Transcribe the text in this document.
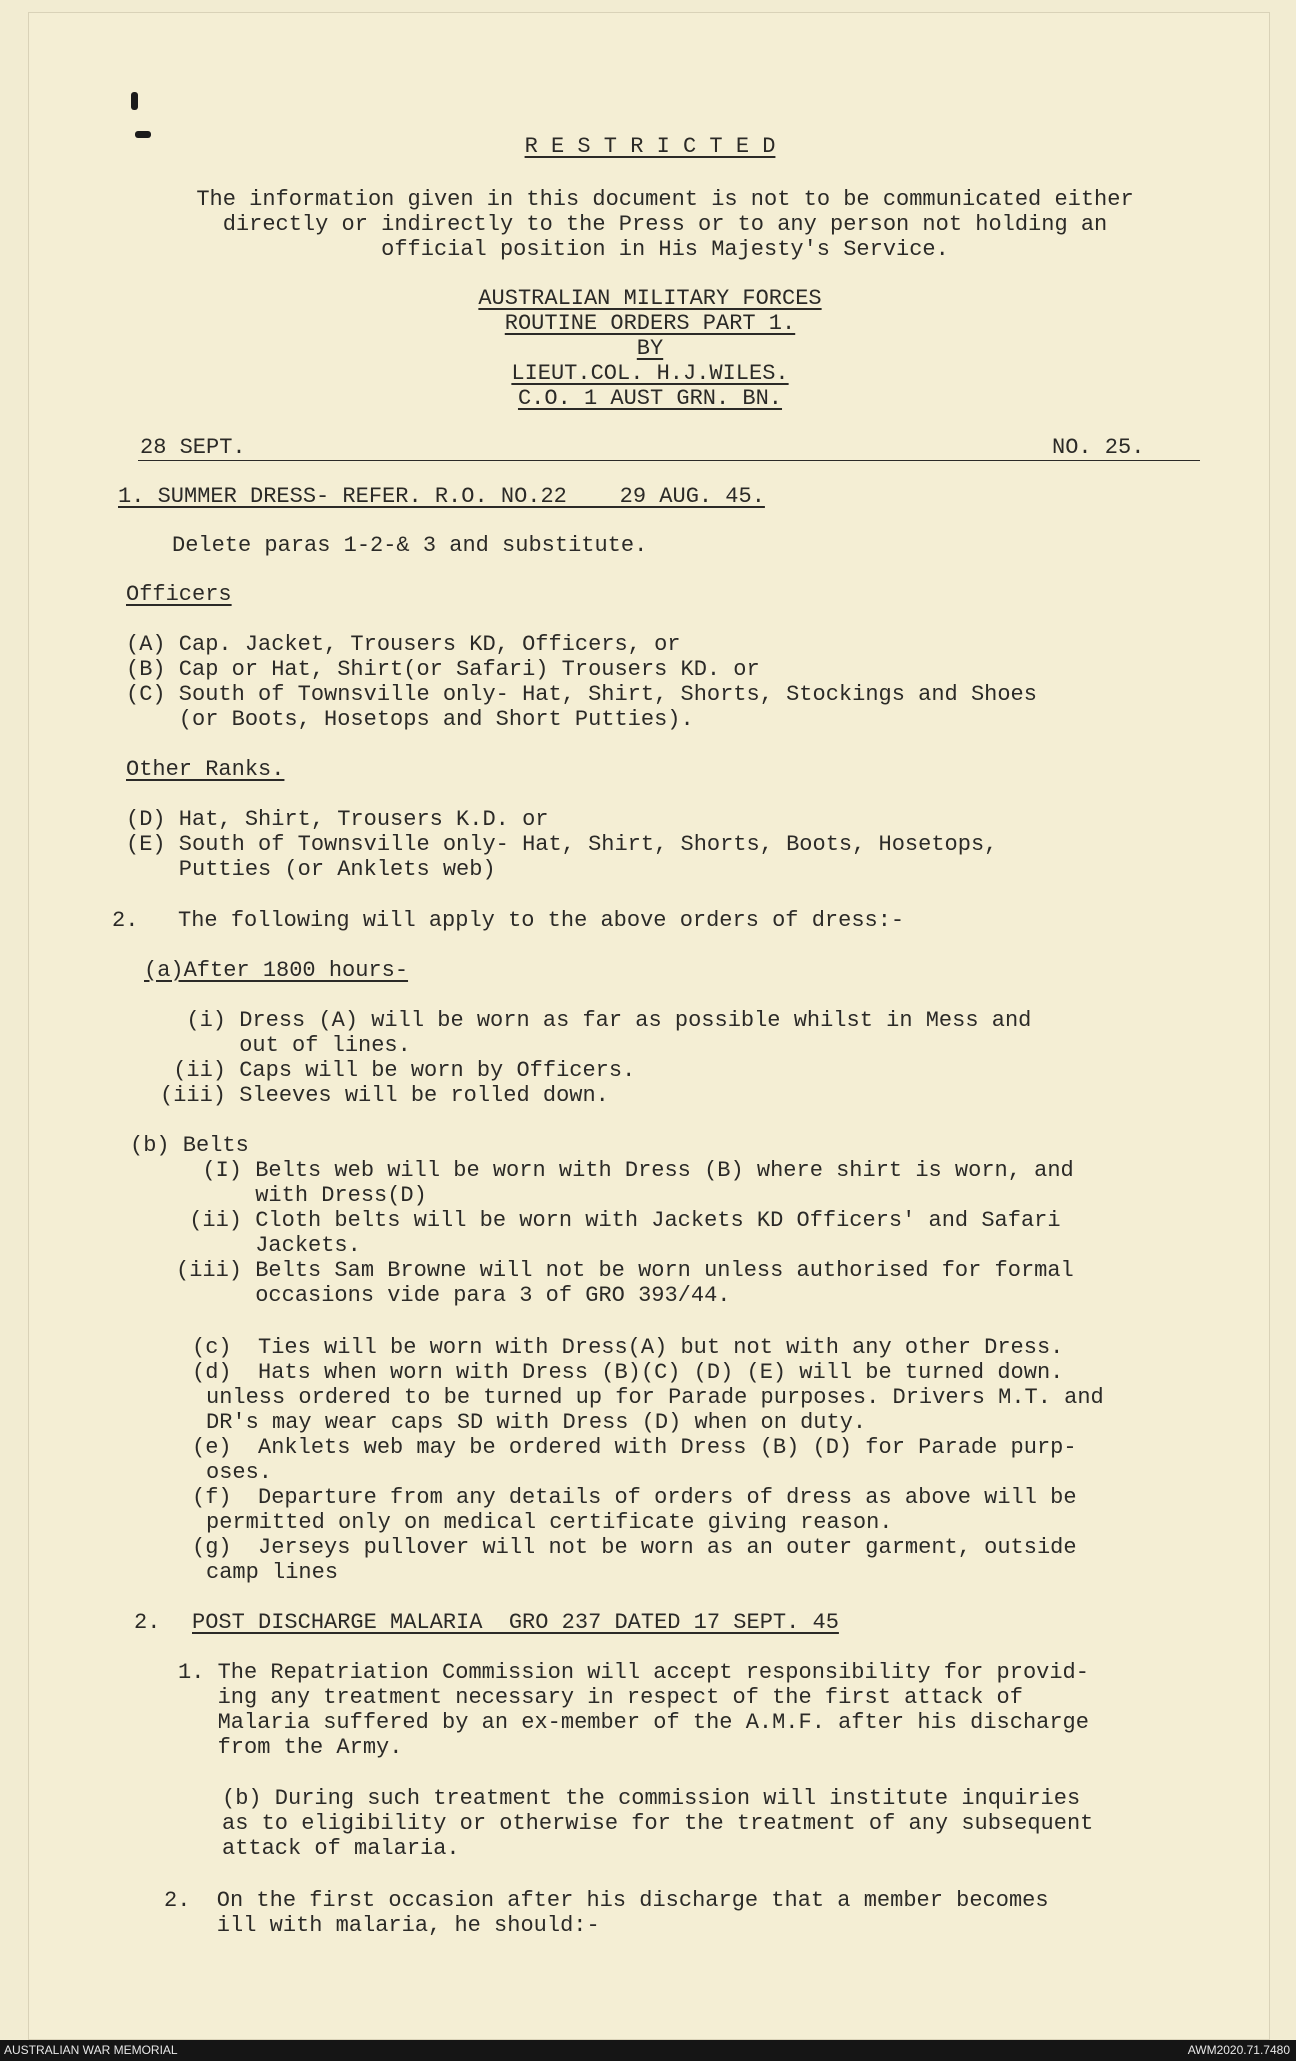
R E S T R I C T E D
The information given in this document is not to be communicated either
directly or indirectly to the Press or to any person not holding an
official position in His Majesty's Service.
AUSTRALIAN MILITARY FORCES
ROUTINE ORDERS PART 1.
BY
LIEUT.COL. H.J.WILES.
C.O. 1 AUST GRN. BN.
28 SEPT.	NO. 25.
1. SUMMER DRESS- REFER. R.O. NO.22    29 AUG. 45.
Delete paras 1-2-& 3 and substitute.
Officers
(A) Cap. Jacket, Trousers KD, Officers, or
(B) Cap or Hat, Shirt(or Safari) Trousers KD. or
(C) South of Townsville only- Hat, Shirt, Shorts, Stockings and Shoes
(or Boots, Hosetops and Short Putties).
Other Ranks.
(D) Hat, Shirt, Trousers K.D. or
(E) South of Townsville only- Hat, Shirt, Shorts, Boots, Hosetops,
Putties (or Anklets web)
2.   The following will apply to the above orders of dress:-
(a)After 1800 hours-
(i) Dress (A) will be worn as far as possible whilst in Mess and
out of lines.
(ii) Caps will be worn by Officers.
(iii) Sleeves will be rolled down.
(b) Belts
(I) Belts web will be worn with Dress (B) where shirt is worn, and
with Dress(D)
(ii) Cloth belts will be worn with Jackets KD Officers' and Safari
Jackets.
(iii) Belts Sam Browne will not be worn unless authorised for formal
occasions vide para 3 of GRO 393/44.
(c)  Ties will be worn with Dress(A) but not with any other Dress.
(d)  Hats when worn with Dress (B)(C) (D) (E) will be turned down.
unless ordered to be turned up for Parade purposes. Drivers M.T. and
DR's may wear caps SD with Dress (D) when on duty.
(e)  Anklets web may be ordered with Dress (B) (D) for Parade purp-
oses.
(f)  Departure from any details of orders of dress as above will be
permitted only on medical certificate giving reason.
(g)  Jerseys pullover will not be worn as an outer garment, outside
camp lines
2. POST DISCHARGE MALARIA  GRO 237 DATED 17 SEPT. 45
1. The Repatriation Commission will accept responsibility for provid-
ing any treatment necessary in respect of the first attack of
Malaria suffered by an ex-member of the A.M.F. after his discharge
from the Army.
(b) During such treatment the commission will institute inquiries
as to eligibility or otherwise for the treatment of any subsequent
attack of malaria.
2.  On the first occasion after his discharge that a member becomes
ill with malaria, he should:-
AUSTRALIAN WAR MEMORIAL	AWM2020.71.7480
